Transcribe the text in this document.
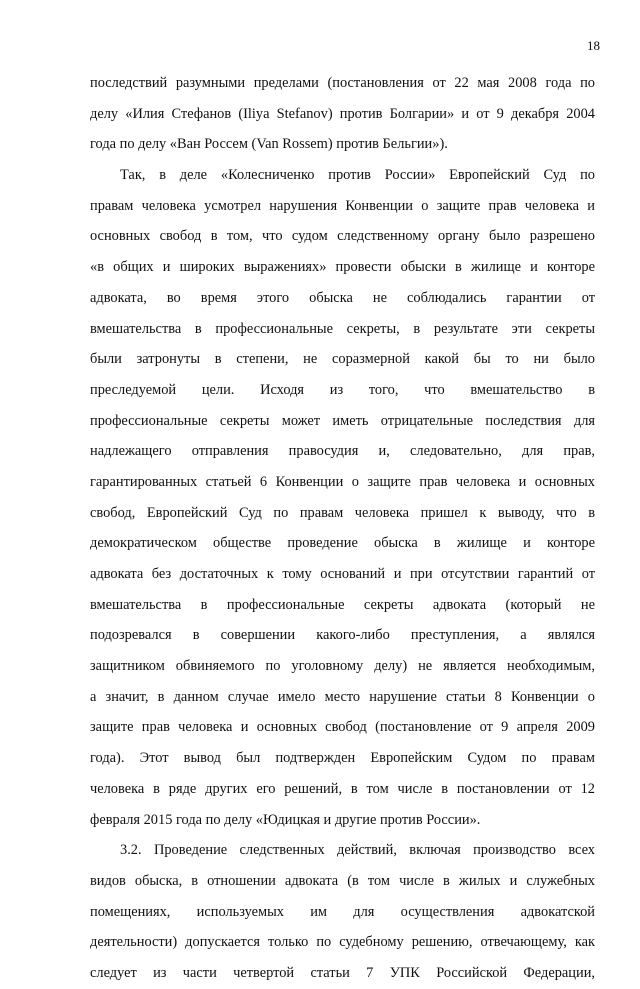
18
последствий разумными пределами (постановления от 22 мая 2008 года по
делу «Илия Стефанов (Iliya Stefanov) против Болгарии» и от 9 декабря 2004
года по делу «Ван Россем (Van Rossem) против Бельгии»).
Так, в деле «Колесниченко против России» Европейский Суд по
правам человека усмотрел нарушения Конвенции о защите прав человека и
основных свобод в том, что судом следственному органу было разрешено
«в общих и широких выражениях» провести обыски в жилище и конторе
адвоката, во время этого обыска не соблюдались гарантии от
вмешательства в профессиональные секреты, в результате эти секреты
были затронуты в степени, не соразмерной какой бы то ни было
преследуемой цели. Исходя из того, что вмешательство в
профессиональные секреты может иметь отрицательные последствия для
надлежащего отправления правосудия и, следовательно, для прав,
гарантированных статьей 6 Конвенции о защите прав человека и основных
свобод, Европейский Суд по правам человека пришел к выводу, что в
демократическом обществе проведение обыска в жилище и конторе
адвоката без достаточных к тому оснований и при отсутствии гарантий от
вмешательства в профессиональные секреты адвоката (который не
подозревался в совершении какого-либо преступления, а являлся
защитником обвиняемого по уголовному делу) не является необходимым,
а значит, в данном случае имело место нарушение статьи 8 Конвенции о
защите прав человека и основных свобод (постановление от 9 апреля 2009
года). Этот вывод был подтвержден Европейским Судом по правам
человека в ряде других его решений, в том числе в постановлении от 12
февраля 2015 года по делу «Юдицкая и другие против России».
3.2. Проведение следственных действий, включая производство всех
видов обыска, в отношении адвоката (в том числе в жилых и служебных
помещениях, используемых им для осуществления адвокатской
деятельности) допускается только по судебному решению, отвечающему, как
следует из части четвертой статьи 7 УПК Российской Федерации,
